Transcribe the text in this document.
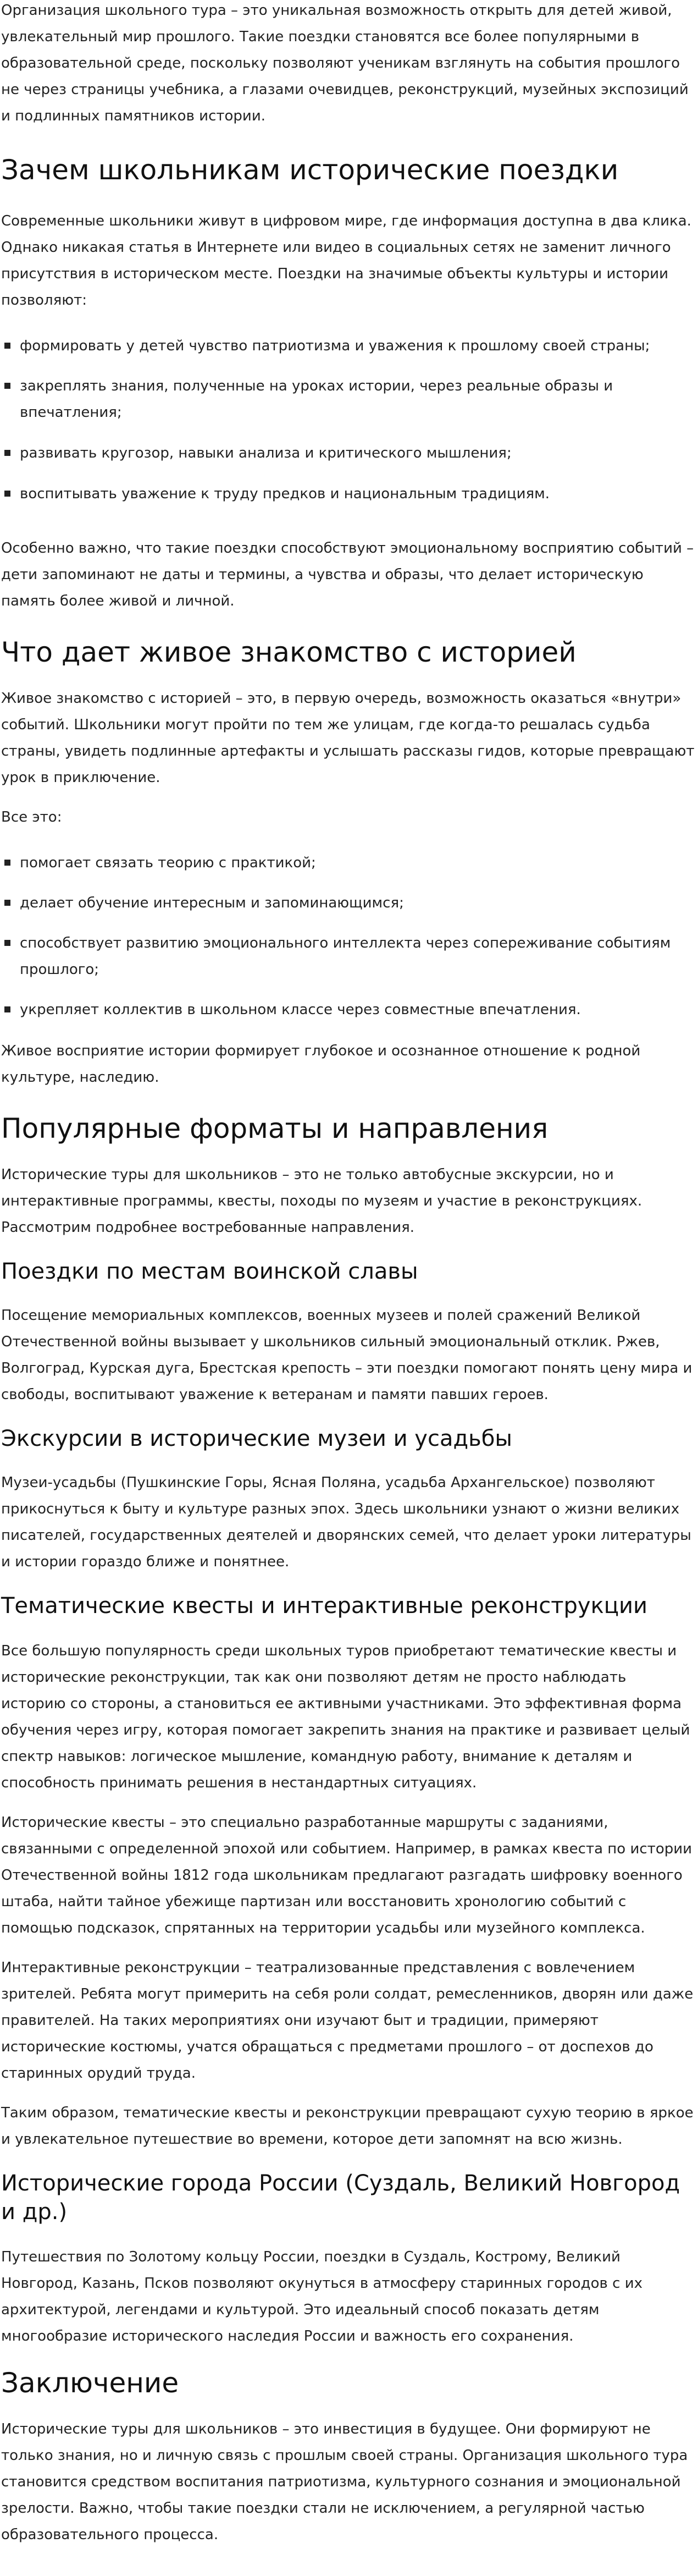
Организация школьного тура – это уникальная возможность открыть для детей живой, увлекательный мир прошлого. Такие поездки становятся все более популярными в образовательной среде, поскольку позволяют ученикам взглянуть на события прошлого не через страницы учебника, а глазами очевидцев, реконструкций, музейных экспозиций и подлинных памятников истории.

Зачем школьникам исторические поездки

Современные школьники живут в цифровом мире, где информация доступна в два клика. Однако никакая статья в Интернете или видео в социальных сетях не заменит личного присутствия в историческом месте. Поездки на значимые объекты культуры и истории позволяют:

формировать у детей чувство патриотизма и уважения к прошлому своей страны;
закреплять знания, полученные на уроках истории, через реальные образы и впечатления;
развивать кругозор, навыки анализа и критического мышления;
воспитывать уважение к труду предков и национальным традициям.

Особенно важно, что такие поездки способствуют эмоциональному восприятию событий – дети запоминают не даты и термины, а чувства и образы, что делает историческую память более живой и личной.

Что дает живое знакомство с историей

Живое знакомство с историей – это, в первую очередь, возможность оказаться «внутри» событий. Школьники могут пройти по тем же улицам, где когда-то решалась судьба страны, увидеть подлинные артефакты и услышать рассказы гидов, которые превращают урок в приключение.

Все это:

помогает связать теорию с практикой;
делает обучение интересным и запоминающимся;
способствует развитию эмоционального интеллекта через сопереживание событиям прошлого;
укрепляет коллектив в школьном классе через совместные впечатления.

Живое восприятие истории формирует глубокое и осознанное отношение к родной культуре, наследию.

Популярные форматы и направления

Исторические туры для школьников – это не только автобусные экскурсии, но и интерактивные программы, квесты, походы по музеям и участие в реконструкциях. Рассмотрим подробнее востребованные направления.

Поездки по местам воинской славы

Посещение мемориальных комплексов, военных музеев и полей сражений Великой Отечественной войны вызывает у школьников сильный эмоциональный отклик. Ржев, Волгоград, Курская дуга, Брестская крепость – эти поездки помогают понять цену мира и свободы, воспитывают уважение к ветеранам и памяти павших героев.

Экскурсии в исторические музеи и усадьбы

Музеи-усадьбы (Пушкинские Горы, Ясная Поляна, усадьба Архангельское) позволяют прикоснуться к быту и культуре разных эпох. Здесь школьники узнают о жизни великих писателей, государственных деятелей и дворянских семей, что делает уроки литературы и истории гораздо ближе и понятнее.

Тематические квесты и интерактивные реконструкции

Все большую популярность среди школьных туров приобретают тематические квесты и исторические реконструкции, так как они позволяют детям не просто наблюдать историю со стороны, а становиться ее активными участниками. Это эффективная форма обучения через игру, которая помогает закрепить знания на практике и развивает целый спектр навыков: логическое мышление, командную работу, внимание к деталям и способность принимать решения в нестандартных ситуациях.

Исторические квесты – это специально разработанные маршруты с заданиями, связанными с определенной эпохой или событием. Например, в рамках квеста по истории Отечественной войны 1812 года школьникам предлагают разгадать шифровку военного штаба, найти тайное убежище партизан или восстановить хронологию событий с помощью подсказок, спрятанных на территории усадьбы или музейного комплекса.

Интерактивные реконструкции – театрализованные представления с вовлечением зрителей. Ребята могут примерить на себя роли солдат, ремесленников, дворян или даже правителей. На таких мероприятиях они изучают быт и традиции, примеряют исторические костюмы, учатся обращаться с предметами прошлого – от доспехов до старинных орудий труда.

Таким образом, тематические квесты и реконструкции превращают сухую теорию в яркое и увлекательное путешествие во времени, которое дети запомнят на всю жизнь.

Исторические города России (Суздаль, Великий Новгород и др.)

Путешествия по Золотому кольцу России, поездки в Суздаль, Кострому, Великий Новгород, Казань, Псков позволяют окунуться в атмосферу старинных городов с их архитектурой, легендами и культурой. Это идеальный способ показать детям многообразие исторического наследия России и важность его сохранения.

Заключение

Исторические туры для школьников – это инвестиция в будущее. Они формируют не только знания, но и личную связь с прошлым своей страны. Организация школьного тура становится средством воспитания патриотизма, культурного сознания и эмоциональной зрелости. Важно, чтобы такие поездки стали не исключением, а регулярной частью образовательного процесса.
